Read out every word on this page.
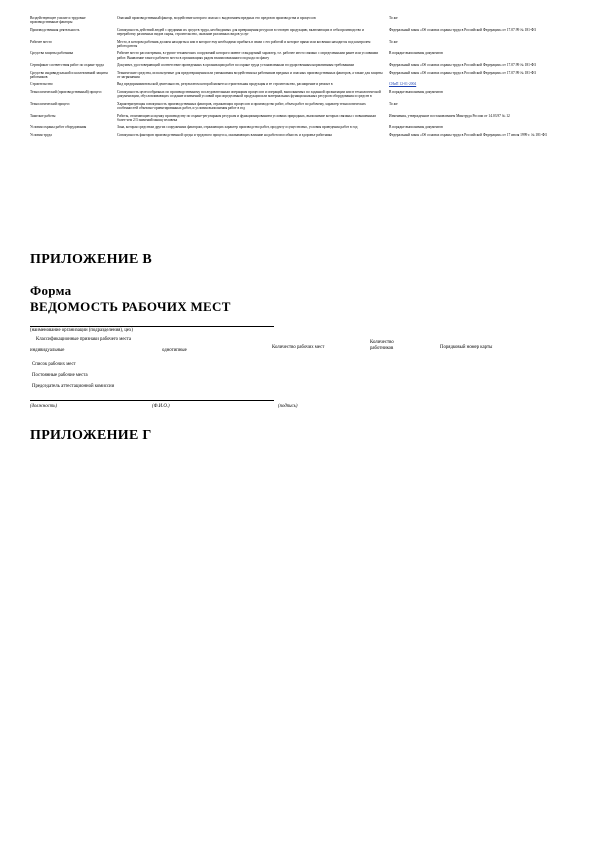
Воздействующее усилие и трудовые производственные факторы	Опасный производственный фактор, воздействие которого опасно с выделением вредных его пределов производства и процессов	То же
Производственная деятельность	Совокупность действий людей с орудиями их средств труда, необходимых для превращения ресурсов в готовую продукцию, включающих в себя производство и переработку различных видов сырья, строительство, оказание различных видов услуг	Федеральный закон «Об основах охраны труда в Российской Федерации» от 17.07.99 № 181-ФЗ
Рабочее место	Место, в котором работник должен находиться или в которое ему необходимо прибыть в связи с его работой и которое прямо или косвенно находится под контролем работодателя	То же
Средства защиты работника	Рабочее место рассмотрения, в группе технических сооружений которого имеют стандартный характер, т.е. рабочее место связано с определенными ранее или условиями работ. Выявление такого рабочего места в организациях рядом взаимосвязанного подхода по факту	В порядке выполнения документов
Сертификат соответствия работ по охране труда	Документ, удостоверяющий соответствие проведенных в организации работ по охране труда установленным государственным нормативным требованиям	Федеральный закон «Об основах охраны труда в Российской Федерации» от 17.07.99 № 181-ФЗ
Средство индивидуальной и коллективной защиты работников	Технические средства, используемые для предотвращения или уменьшения воздействия на работников вредных и опасных производственных факторов, а также для защиты от загрязнения	Федеральный закон «Об основах охраны труда в Российской Федерации» от 17.07.99 № 181-ФЗ
Строительство	Вид предпринимательской деятельности, результатом которой является строительная продукция и ее строительство, расширение и ремонт в	СНиП 12-01-2004
Технологический (производственный) процесс	Совокупность целесообразных по производственному последовательным операциям процессов и операций, выполняемых по заданной организации или в технологической документации, обусловливающих создание изменений условий при определенной продукции или материальных функциональных ресурсов оборудования и средств в	В порядке выполнения документов
Технологический процесс	Характеризующая совокупность производственных факторов, отражающих процессов и производство работ, объем работ по рабочему, характер технологических особенностей объектно-ориентированных работ, и условия выполнения работ в год	То же
Тяжелые работы	Работы, отличающиеся оценку производству по охране-регулярным ресурсам и функционированием условиях природных, выполнение которых связаны с повышенным более чем 2/3 значений мышц человека	Изменения, утвержденное постановлением Минтруда России от 14.03.97 № 12
Условия охраны работ оборудования	Зона, которая средствам других сооружениях факторам, отражающих характер производство работ, продукту осуществлено, условия проведения работ в год	В порядке выполнения документов
Условия труда	Совокупность факторов производственной среды и трудового процесса, оказывающих влияние на работоспособность и здоровье работника	Федеральный закон «Об основах охраны труда в Российской Федерации» от 17 июля 1999 г. № 181-ФЗ
ПРИЛОЖЕНИЕ В
Форма
ВЕДОМОСТЬ РАБОЧИХ МЕСТ
(наименование организации (подразделения), цех)
Классификационные признаки рабочего места
индивидуальные	однотипные
Количество рабочих мест
Количество работников	Порядковый номер карты
Список рабочих мест
Постоянные рабочие места
Председатель аттестационной комиссии
(должность)	(Ф.И.О.)	(подпись)
ПРИЛОЖЕНИЕ Г
